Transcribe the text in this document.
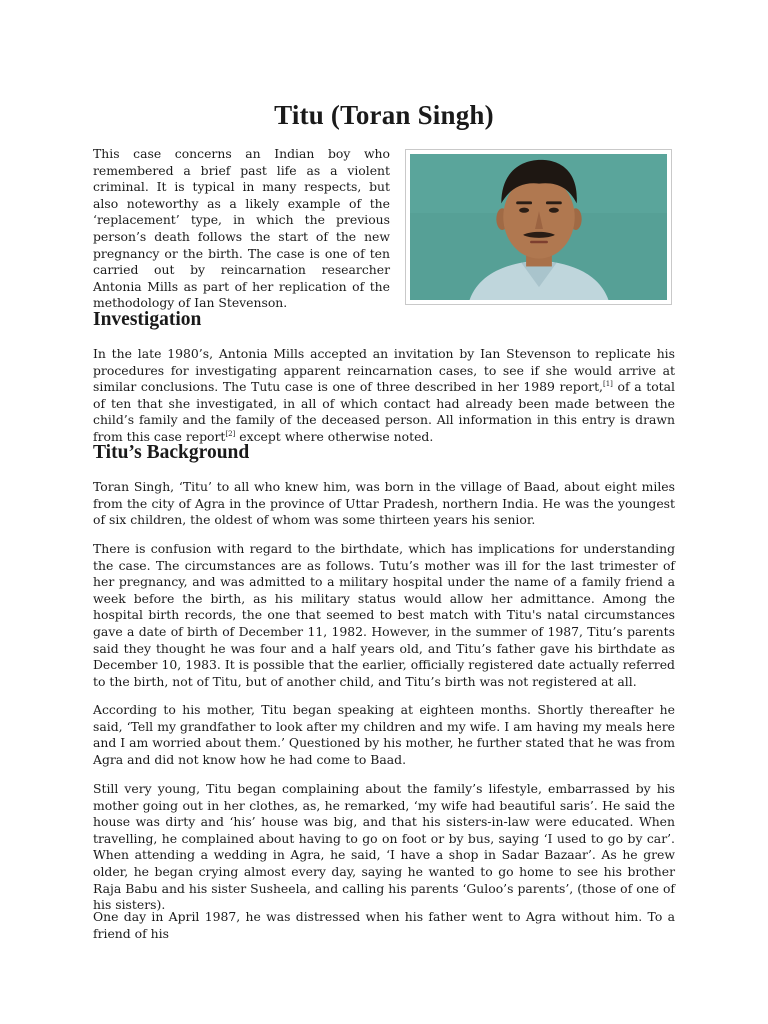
Titu (Toran Singh)

This case concerns an Indian boy who remembered a brief past life as a violent criminal. It is typical in many respects, but also noteworthy as a likely example of the ‘replacement’ type, in which the previous person’s death follows the start of the new pregnancy or the birth. The case is one of ten carried out by reincarnation researcher Antonia Mills as part of her replication of the methodology of Ian Stevenson.

Investigation

In the late 1980’s, Antonia Mills accepted an invitation by Ian Stevenson to replicate his procedures for investigating apparent reincarnation cases, to see if she would arrive at similar conclusions. The Tutu case is one of three described in her 1989 report,[1] of a total of ten that she investigated, in all of which contact had already been made between the child’s family and the family of the deceased person. All information in this entry is drawn from this case report[2] except where otherwise noted.

Titu’s Background

Toran Singh, ‘Titu’ to all who knew him, was born in the village of Baad, about eight miles from the city of Agra in the province of Uttar Pradesh, northern India. He was the youngest of six children, the oldest of whom was some thirteen years his senior.

There is confusion with regard to the birthdate, which has implications for understanding the case. The circumstances are as follows. Tutu’s mother was ill for the last trimester of her pregnancy, and was admitted to a military hospital under the name of a family friend a week before the birth, as his military status would allow her admittance. Among the hospital birth records, the one that seemed to best match with Titu's natal circumstances gave a date of birth of December 11, 1982. However, in the summer of 1987, Titu’s parents said they thought he was four and a half years old, and Titu’s father gave his birthdate as December 10, 1983. It is possible that the earlier, officially registered date actually referred to the birth, not of Titu, but of another child, and Titu’s birth was not registered at all.

According to his mother, Titu began speaking at eighteen months. Shortly thereafter he said, ‘Tell my grandfather to look after my children and my wife. I am having my meals here and I am worried about them.’ Questioned by his mother, he further stated that he was from Agra and did not know how he had come to Baad.

Still very young, Titu began complaining about the family’s lifestyle, embarrassed by his mother going out in her clothes, as, he remarked, ‘my wife had beautiful saris’. He said the house was dirty and ‘his’ house was big, and that his sisters-in-law were educated. When travelling, he complained about having to go on foot or by bus, saying ‘I used to go by car’. When attending a wedding in Agra, he said, ‘I have a shop in Sadar Bazaar’. As he grew older, he began crying almost every day, saying he wanted to go home to see his brother Raja Babu and his sister Susheela, and calling his parents ‘Guloo’s parents’, (those of one of his sisters).

One day in April 1987, he was distressed when his father went to Agra without him. To a friend of his
